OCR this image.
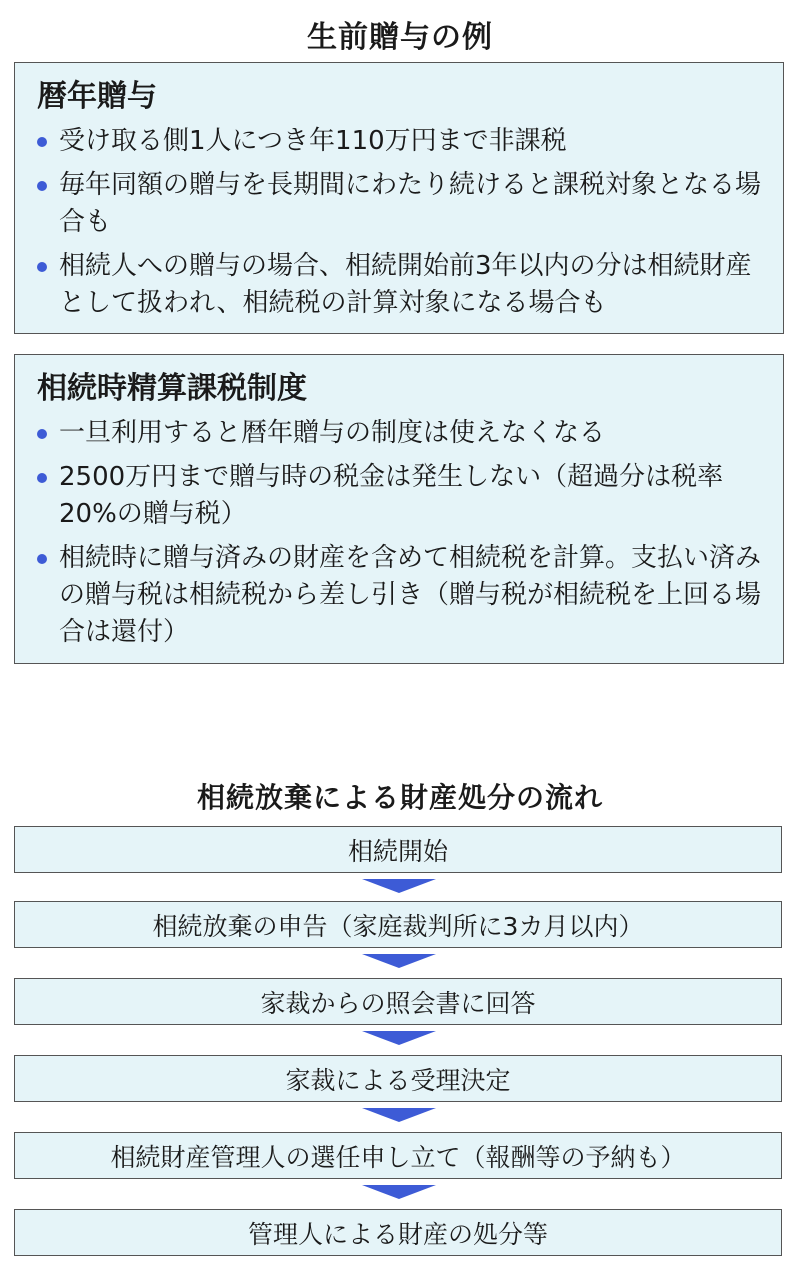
生前贈与の例
暦年贈与
受け取る側1人につき年110万円まで非課税
毎年同額の贈与を長期間にわたり続けると課税対象となる場合も
相続人への贈与の場合、相続開始前3年以内の分は相続財産として扱われ、相続税の計算対象になる場合も
相続時精算課税制度
一旦利用すると暦年贈与の制度は使えなくなる
2500万円まで贈与時の税金は発生しない（超過分は税率20%の贈与税）
相続時に贈与済みの財産を含めて相続税を計算。支払い済みの贈与税は相続税から差し引き（贈与税が相続税を上回る場合は還付）
相続放棄による財産処分の流れ
相続開始
相続放棄の申告（家庭裁判所に3カ月以内）
家裁からの照会書に回答
家裁による受理決定
相続財産管理人の選任申し立て（報酬等の予納も）
管理人による財産の処分等
